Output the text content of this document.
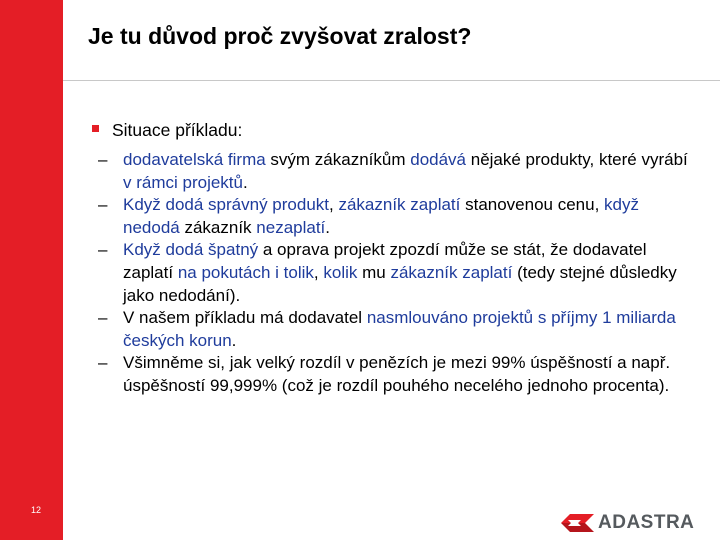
Je tu důvod proč zvyšovat zralost?
Situace příkladu:
– dodavatelská firma svým zákazníkům dodává nějaké produkty, které vyrábí v rámci projektů.
– Když dodá správný produkt, zákazník zaplatí stanovenou cenu, když nedodá zákazník nezaplatí.
– Když dodá špatný a oprava projekt zpozdí může se stát, že dodavatel zaplatí na pokutách i tolik, kolik mu zákazník zaplatí (tedy stejné důsledky jako nedodání).
– V našem příkladu má dodavatel nasmlouváno projektů s příjmy 1 miliarda českých korun.
– Všimněme si, jak velký rozdíl v penězích je mezi 99% úspěšností a např. úspěšností 99,999% (což je rozdíl pouhého necelého jednoho procenta).
12
ADASTRA
